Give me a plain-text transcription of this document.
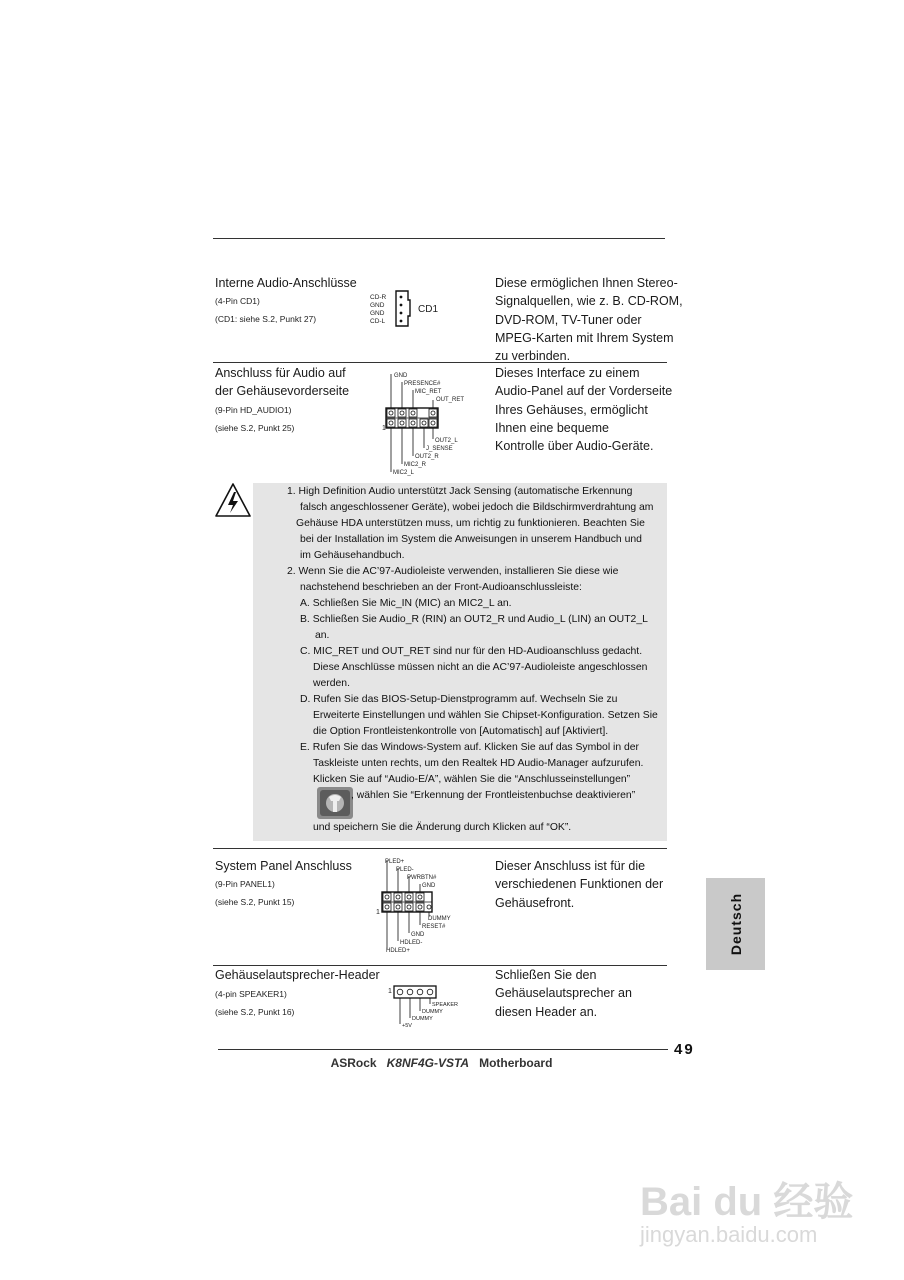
Interne Audio-Anschlüsse
(4-Pin CD1)
(CD1: siehe S.2, Punkt 27)
Diese ermöglichen Ihnen Stereo-
Signalquellen, wie z. B. CD-ROM,
DVD-ROM, TV-Tuner oder
MPEG-Karten mit Ihrem System
zu verbinden.
CD-R
GND
GND
CD-L
CD1
Anschluss für Audio auf
der Gehäusevorderseite
(9-Pin HD_AUDIO1)
(siehe S.2, Punkt 25)
Dieses Interface zu einem
Audio-Panel auf der Vorderseite
Ihres Gehäuses, ermöglicht
Ihnen eine bequeme
Kontrolle über Audio-Geräte.
GND
PRESENCE#
MIC_RET
OUT_RET
1
OUT2_L
J_SENSE
OUT2_R
MIC2_R
MIC2_L
1. High Definition Audio unterstützt Jack Sensing (automatische Erkennung
falsch angeschlossener Geräte), wobei jedoch die Bildschirmverdrahtung am
Gehäuse HDA unterstützen muss, um richtig zu funktionieren. Beachten Sie
bei der Installation im System die Anweisungen in unserem Handbuch und
im Gehäusehandbuch.
2. Wenn Sie die AC’97-Audioleiste verwenden, installieren Sie diese wie
nachstehend beschrieben an der Front-Audioanschlussleiste:
A. Schließen Sie Mic_IN (MIC) an MIC2_L an.
B. Schließen Sie Audio_R (RIN) an OUT2_R und Audio_L (LIN) an OUT2_L
an.
C. MIC_RET und OUT_RET sind nur für den HD-Audioanschluss gedacht.
Diese Anschlüsse müssen nicht an die AC’97-Audioleiste angeschlossen
werden.
D. Rufen Sie das BIOS-Setup-Dienstprogramm auf. Wechseln Sie zu
Erweiterte Einstellungen und wählen Sie Chipset-Konfiguration. Setzen Sie
die Option Frontleistenkontrolle von [Automatisch] auf [Aktiviert].
E. Rufen Sie das Windows-System auf. Klicken Sie auf das Symbol in der
Taskleiste unten rechts, um den Realtek HD Audio-Manager aufzurufen.
Klicken Sie auf “Audio-E/A”, wählen Sie die “Anschlusseinstellungen”
, wählen Sie “Erkennung der Frontleistenbuchse deaktivieren”
und speichern Sie die Änderung durch Klicken auf “OK”.
System Panel Anschluss
(9-Pin PANEL1)
(siehe S.2, Punkt 15)
Dieser Anschluss ist für die
verschiedenen Funktionen der
Gehäusefront.
PLED+
PLED-
PWRBTN#
GND
1
DUMMY
RESET#
GND
HDLED-
HDLED+
Gehäuselautsprecher-Header
(4-pin SPEAKER1)
(siehe S.2, Punkt 16)
Schließen Sie den
Gehäuselautsprecher an
diesen Header an.
1
SPEAKER
DUMMY
DUMMY
+5V
Deutsch
49
ASRock K8NF4G-VSTA Motherboard
Bai du 经验
jingyan.baidu.com
